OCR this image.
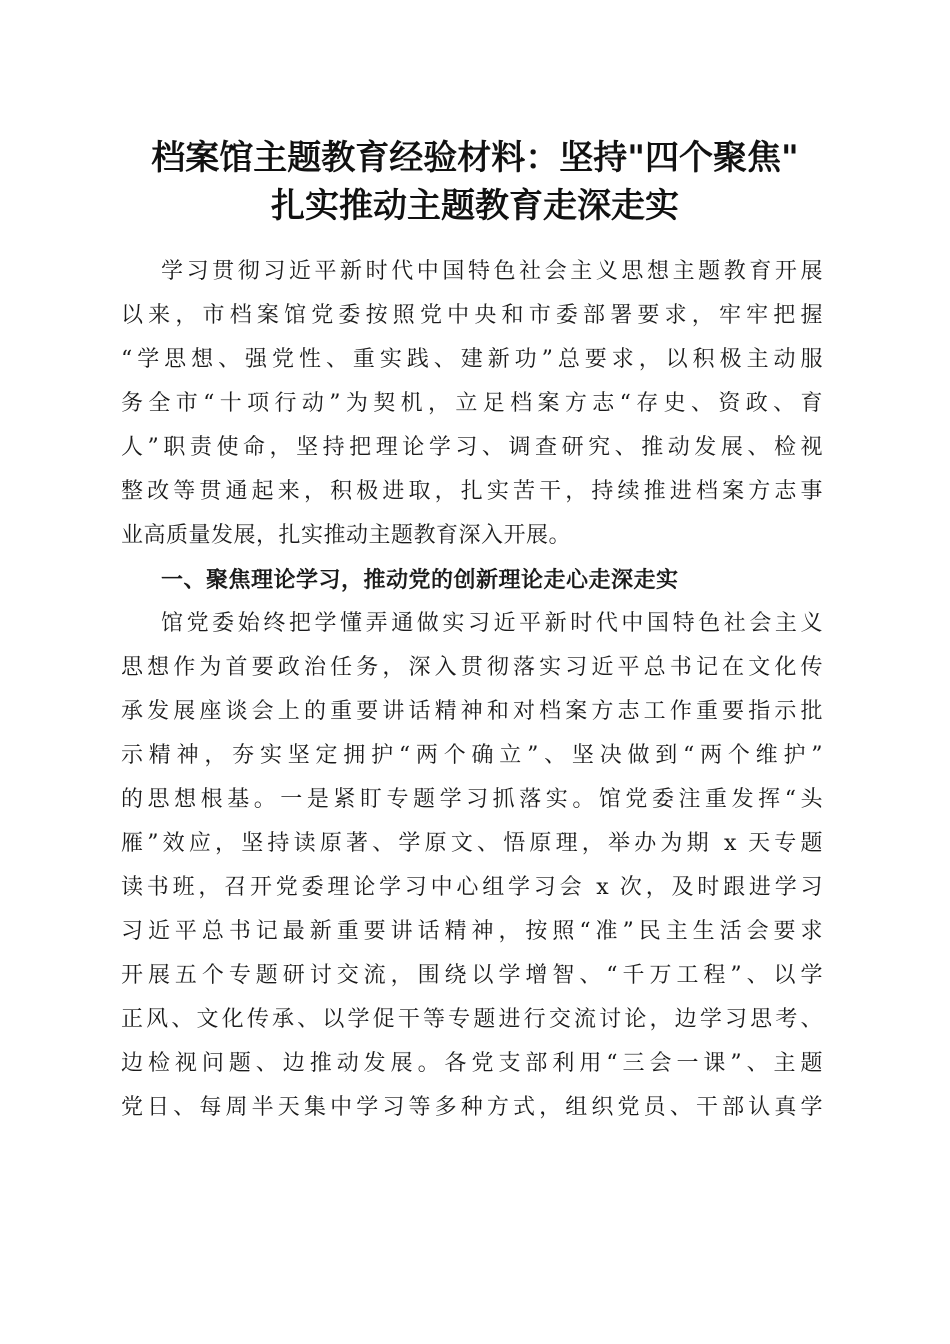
档案馆主题教育经验材料：坚持"四个聚焦"
扎实推动主题教育走深走实
学习贯彻习近平新时代中国特色社会主义思想主题教育开展
以来，市档案馆党委按照党中央和市委部署要求，牢牢把握
“学思想、强党性、重实践、建新功”总要求，以积极主动服
务全市“十项行动”为契机，立足档案方志“存史、资政、育
人”职责使命，坚持把理论学习、调查研究、推动发展、检视
整改等贯通起来，积极进取，扎实苦干，持续推进档案方志事
业高质量发展，扎实推动主题教育深入开展。
一、聚焦理论学习，推动党的创新理论走心走深走实
馆党委始终把学懂弄通做实习近平新时代中国特色社会主义
思想作为首要政治任务，深入贯彻落实习近平总书记在文化传
承发展座谈会上的重要讲话精神和对档案方志工作重要指示批
示精神，夯实坚定拥护“两个确立”、坚决做到“两个维护”
的思想根基。一是紧盯专题学习抓落实。馆党委注重发挥“头
雁”效应，坚持读原著、学原文、悟原理，举办为期 x 天专题
读书班，召开党委理论学习中心组学习会 x 次，及时跟进学习
习近平总书记最新重要讲话精神，按照“准”民主生活会要求
开展五个专题研讨交流，围绕以学增智、“千万工程”、以学
正风、文化传承、以学促干等专题进行交流讨论，边学习思考、
边检视问题、边推动发展。各党支部利用“三会一课”、主题
党日、每周半天集中学习等多种方式，组织党员、干部认真学
